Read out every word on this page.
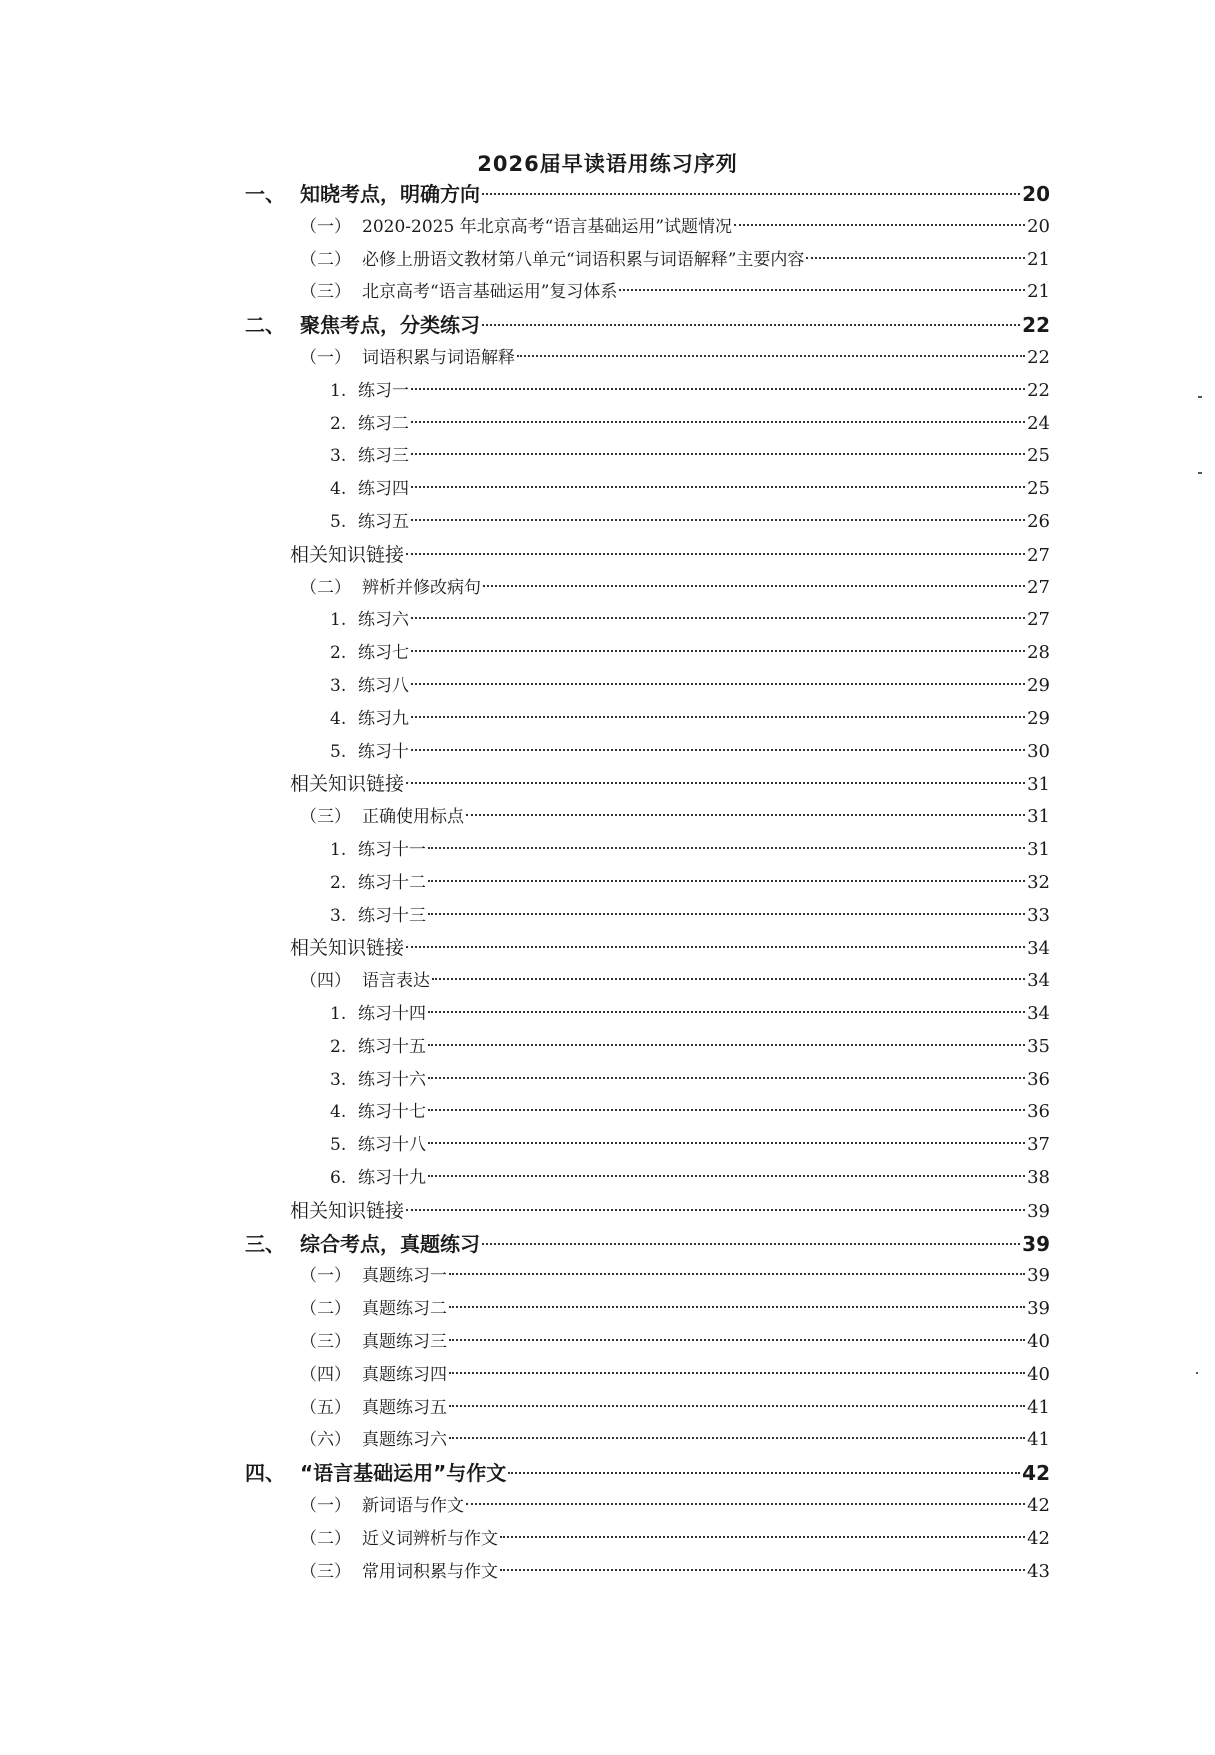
2026届早读语用练习序列
一、 知晓考点，明确方向	20
（一） 2020-2025 年北京高考“语言基础运用”试题情况	20
（二） 必修上册语文教材第八单元“词语积累与词语解释”主要内容	21
（三） 北京高考“语言基础运用”复习体系	21
二、 聚焦考点，分类练习	22
（一） 词语积累与词语解释	22
1. 练习一	22
2. 练习二	24
3. 练习三	25
4. 练习四	25
5. 练习五	26
相关知识链接	27
（二） 辨析并修改病句	27
1. 练习六	27
2. 练习七	28
3. 练习八	29
4. 练习九	29
5. 练习十	30
相关知识链接	31
（三） 正确使用标点	31
1. 练习十一	31
2. 练习十二	32
3. 练习十三	33
相关知识链接	34
（四） 语言表达	34
1. 练习十四	34
2. 练习十五	35
3. 练习十六	36
4. 练习十七	36
5. 练习十八	37
6. 练习十九	38
相关知识链接	39
三、 综合考点，真题练习	39
（一） 真题练习一	39
（二） 真题练习二	39
（三） 真题练习三	40
（四） 真题练习四	40
（五） 真题练习五	41
（六） 真题练习六	41
四、 “语言基础运用”与作文	42
（一） 新词语与作文	42
（二） 近义词辨析与作文	42
（三） 常用词积累与作文	43
